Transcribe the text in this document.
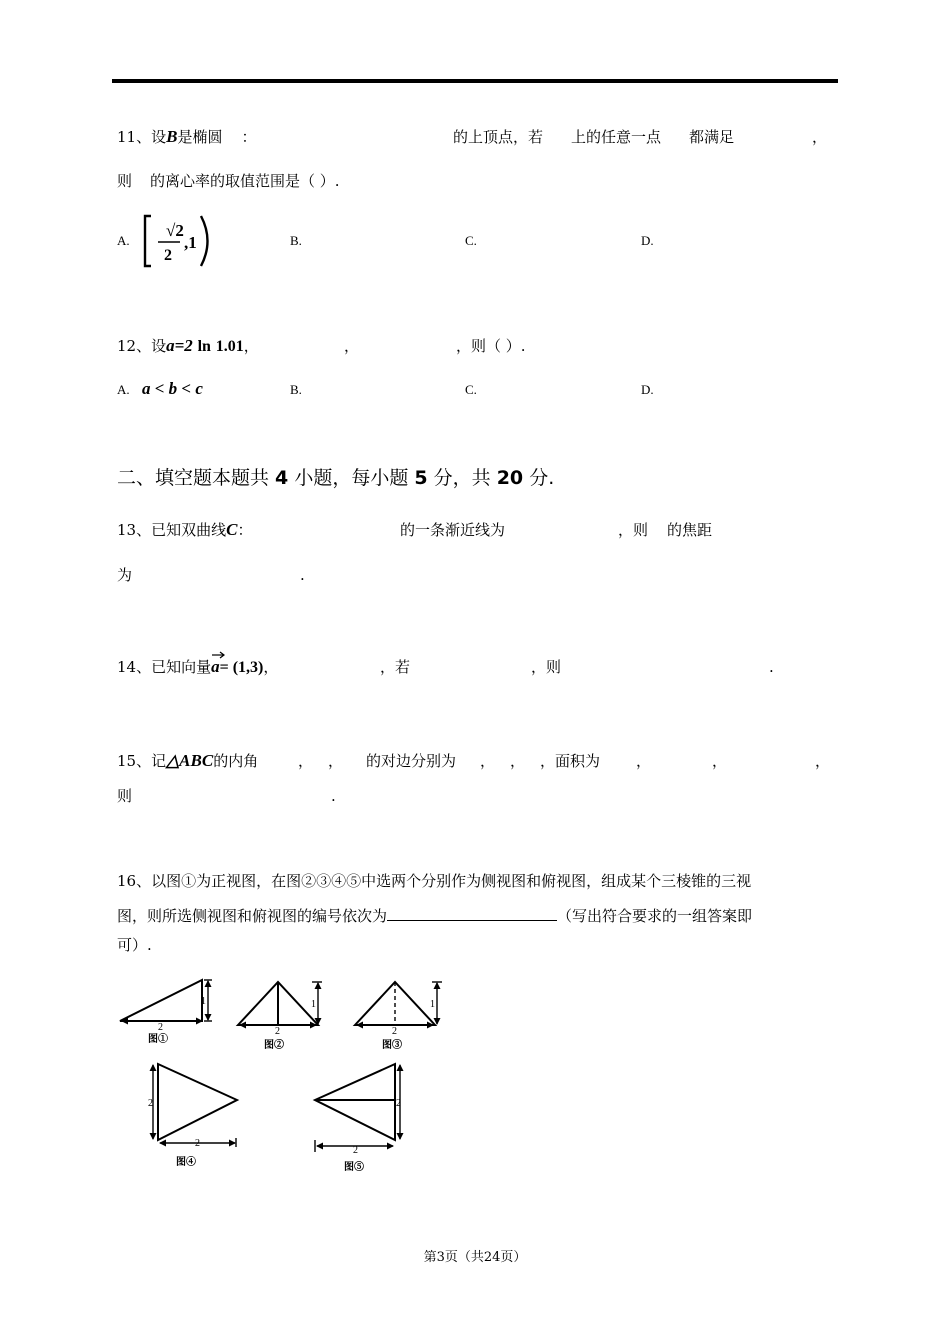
11、设B是椭圆 ：	的上顶点，若 上的任意一点 都满足	，
则 的离心率的取值范围是（ ）.
A.
√2
2
,1	B.	C.	D.
12、设a=2 ln 1.01，	，	，则（ ）.
A. a < b < c	B.	C.	D.
二、填空题本题共 4 小题，每小题 5 分，共 20 分.
13、已知双曲线C：	的一条渐近线为	，则 的焦距
为	.
14、已知向量a
= (1,3)，	，若	，则	.
15、记△ABC的内角	， ， 的对边分别为 ， ， ，面积为 ，	，	，
则	.
16、以图①为正视图，在图②③④⑤中选两个分别作为侧视图和俯视图，组成某个三棱锥的三视
图，则所选侧视图和俯视图的编号依次为	（写出符合要求的一组答案即
可）.
2
1
2
1
2
1
2
2
2
2
图①
图②	图③
图④	图⑤
第3页（共24页）
